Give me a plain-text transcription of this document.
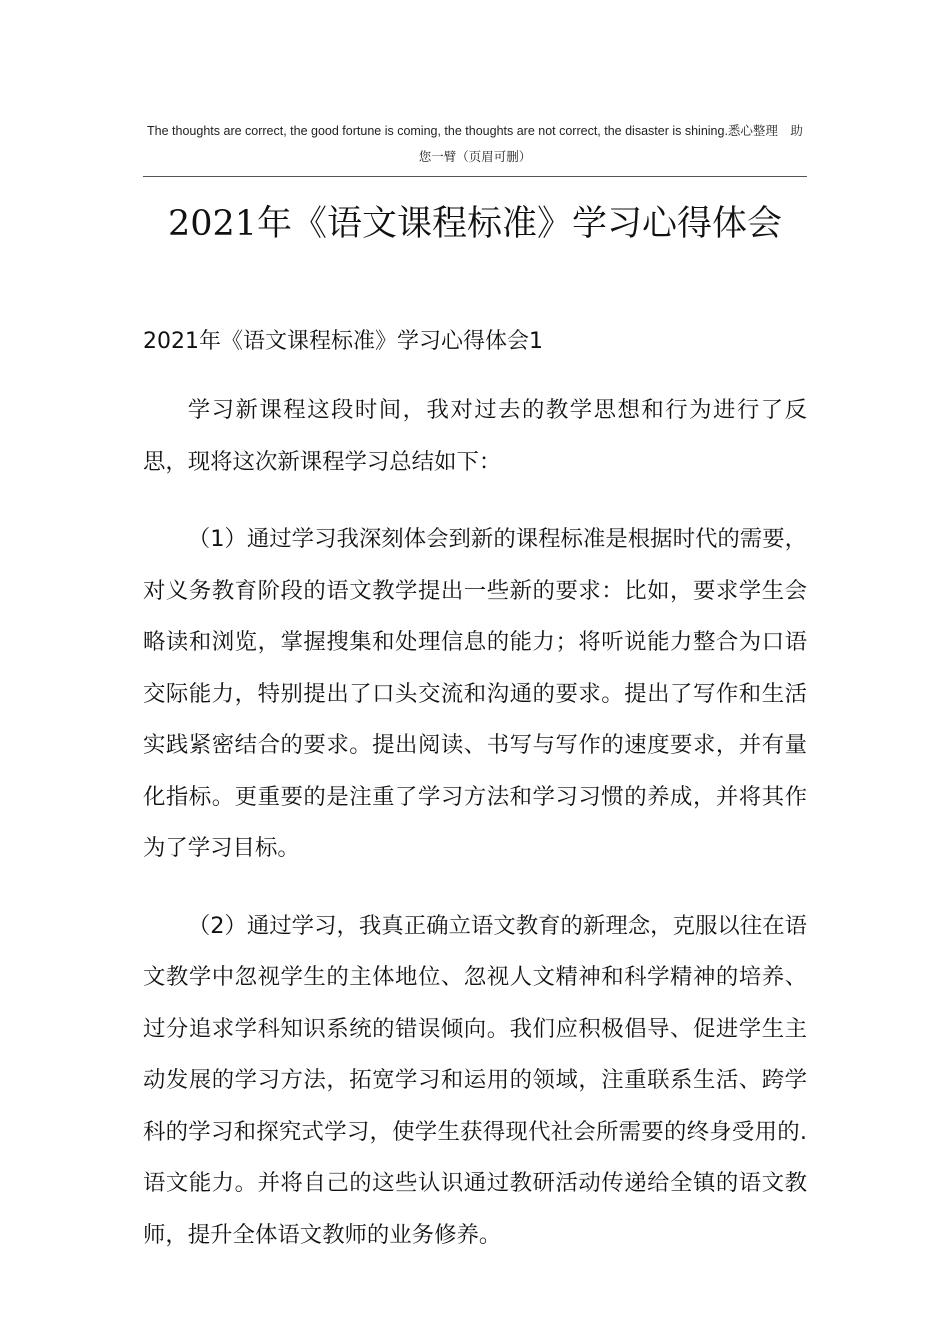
The thoughts are correct, the good fortune is coming, the thoughts are not correct, the disaster is shining.悉心整理　助您一臂（页眉可删）
2021年《语文课程标准》学习心得体会
2021年《语文课程标准》学习心得体会1

学习新课程这段时间，我对过去的教学思想和行为进行了反思，现将这次新课程学习总结如下：

（1）通过学习我深刻体会到新的课程标准是根据时代的需要，对义务教育阶段的语文教学提出一些新的要求：比如，要求学生会略读和浏览，掌握搜集和处理信息的能力；将听说能力整合为口语交际能力，特别提出了口头交流和沟通的要求。提出了写作和生活实践紧密结合的要求。提出阅读、书写与写作的速度要求，并有量化指标。更重要的是注重了学习方法和学习习惯的养成，并将其作为了学习目标。

（2）通过学习，我真正确立语文教育的新理念，克服以往在语文教学中忽视学生的主体地位、忽视人文精神和科学精神的培养、过分追求学科知识系统的错误倾向。我们应积极倡导、促进学生主动发展的学习方法，拓宽学习和运用的领域，注重联系生活、跨学科的学习和探究式学习，使学生获得现代社会所需要的终身受用的.语文能力。并将自己的这些认识通过教研活动传递给全镇的语文教师，提升全体语文教师的业务修养。
